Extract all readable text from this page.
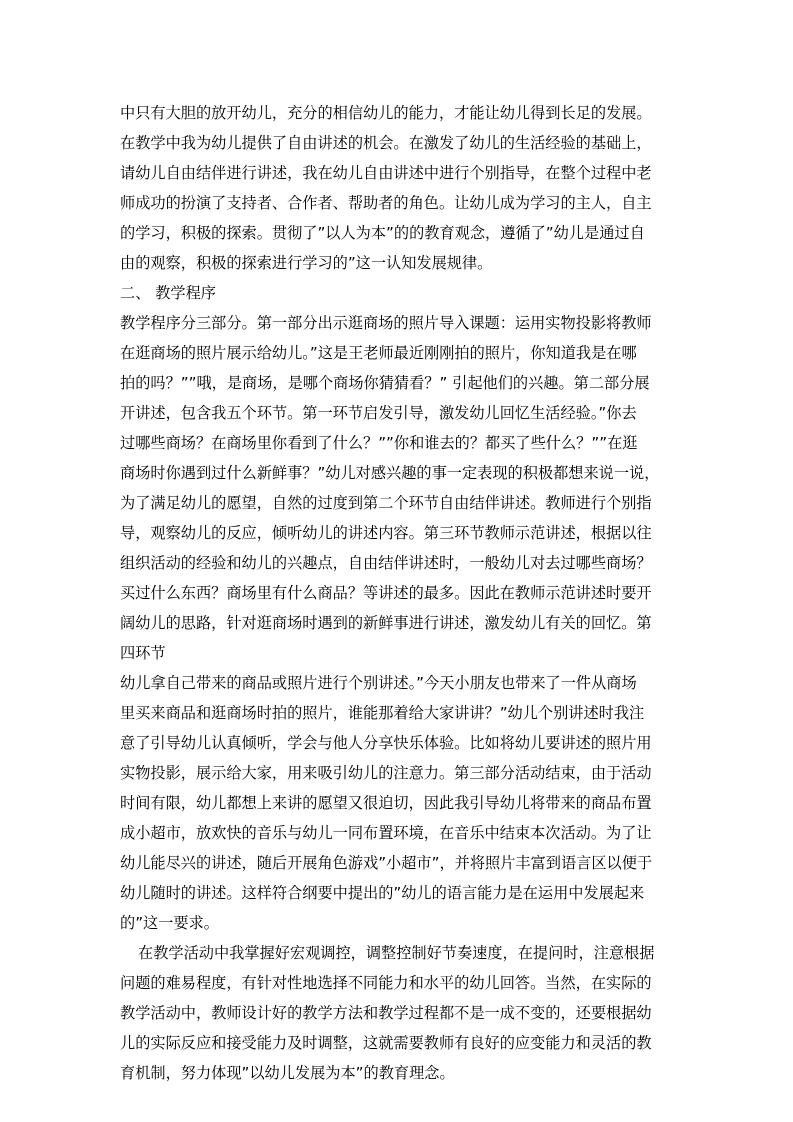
中只有大胆的放开幼儿，充分的相信幼儿的能力，才能让幼儿得到长足的发展。
在教学中我为幼儿提供了自由讲述的机会。在激发了幼儿的生活经验的基础上，
请幼儿自由结伴进行讲述，我在幼儿自由讲述中进行个别指导，在整个过程中老
师成功的扮演了支持者、合作者、帮助者的角色。让幼儿成为学习的主人，自主
的学习，积极的探索。贯彻了”以人为本”的的教育观念，遵循了”幼儿是通过自
由的观察，积极的探索进行学习的”这一认知发展规律。
二、 教学程序
教学程序分三部分。第一部分出示逛商场的照片导入课题：运用实物投影将教师
在逛商场的照片展示给幼儿。”这是王老师最近刚刚拍的照片，你知道我是在哪
拍的吗？””哦，是商场，是哪个商场你猜猜看？” 引起他们的兴趣。第二部分展
开讲述，包含我五个环节。第一环节启发引导，激发幼儿回忆生活经验。”你去
过哪些商场？在商场里你看到了什么？””你和谁去的？都买了些什么？””在逛
商场时你遇到过什么新鲜事？”幼儿对感兴趣的事一定表现的积极都想来说一说，
为了满足幼儿的愿望，自然的过度到第二个环节自由结伴讲述。教师进行个别指
导，观察幼儿的反应，倾听幼儿的讲述内容。第三环节教师示范讲述，根据以往
组织活动的经验和幼儿的兴趣点，自由结伴讲述时，一般幼儿对去过哪些商场？
买过什么东西？商场里有什么商品？等讲述的最多。因此在教师示范讲述时要开
阔幼儿的思路，针对逛商场时遇到的新鲜事进行讲述，激发幼儿有关的回忆。第
四环节
幼儿拿自己带来的商品或照片进行个别讲述。”今天小朋友也带来了一件从商场
里买来商品和逛商场时拍的照片，谁能那着给大家讲讲？”幼儿个别讲述时我注
意了引导幼儿认真倾听，学会与他人分享快乐体验。比如将幼儿要讲述的照片用
实物投影，展示给大家，用来吸引幼儿的注意力。第三部分活动结束，由于活动
时间有限，幼儿都想上来讲的愿望又很迫切，因此我引导幼儿将带来的商品布置
成小超市，放欢快的音乐与幼儿一同布置环境，在音乐中结束本次活动。为了让
幼儿能尽兴的讲述，随后开展角色游戏”小超市”，并将照片丰富到语言区以便于
幼儿随时的讲述。这样符合纲要中提出的”幼儿的语言能力是在运用中发展起来
的”这一要求。
在教学活动中我掌握好宏观调控，调整控制好节奏速度，在提问时，注意根据
问题的难易程度，有针对性地选择不同能力和水平的幼儿回答。当然，在实际的
教学活动中，教师设计好的教学方法和教学过程都不是一成不变的，还要根据幼
儿的实际反应和接受能力及时调整，这就需要教师有良好的应变能力和灵活的教
育机制，努力体现”以幼儿发展为本”的教育理念。
